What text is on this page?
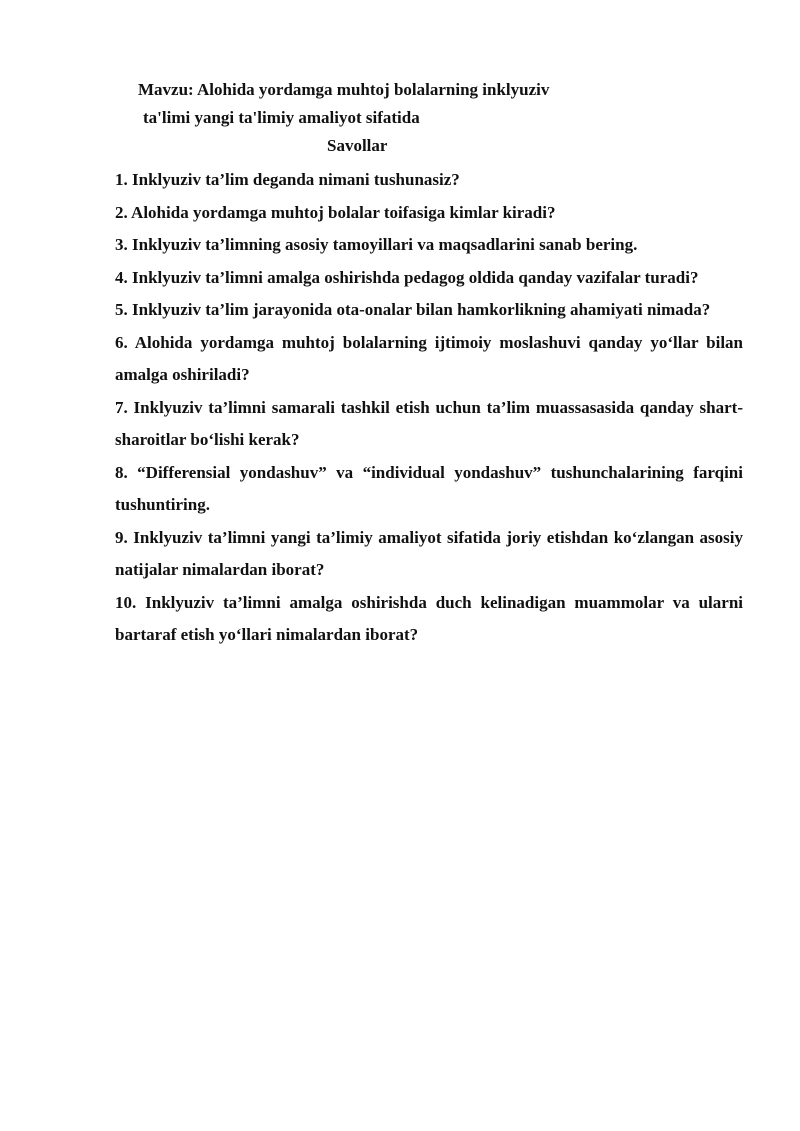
Mavzu: Alohida yordamga muhtoj bolalarning inklyuziv
ta'limi yangi ta'limiy amaliyot sifatida
Savollar
1. Inklyuziv ta’lim deganda nimani tushunasiz?
2. Alohida yordamga muhtoj bolalar toifasiga kimlar kiradi?
3. Inklyuziv ta’limning asosiy tamoyillari va maqsadlarini sanab bering.
4. Inklyuziv ta’limni amalga oshirishda pedagog oldida qanday vazifalar turadi?
5. Inklyuziv ta’lim jarayonida ota-onalar bilan hamkorlikning ahamiyati nimada?
6. Alohida yordamga muhtoj bolalarning ijtimoiy moslashuvi qanday yo‘llar bilan amalga oshiriladi?
7. Inklyuziv ta’limni samarali tashkil etish uchun ta’lim muassasasida qanday shart-sharoitlar bo‘lishi kerak?
8. “Differensial yondashuv” va “individual yondashuv” tushunchalarining farqini tushuntiring.
9. Inklyuziv ta’limni yangi ta’limiy amaliyot sifatida joriy etishdan ko‘zlangan asosiy natijalar nimalardan iborat?
10. Inklyuziv ta’limni amalga oshirishda duch kelinadigan muammolar va ularni bartaraf etish yo‘llari nimalardan iborat?
